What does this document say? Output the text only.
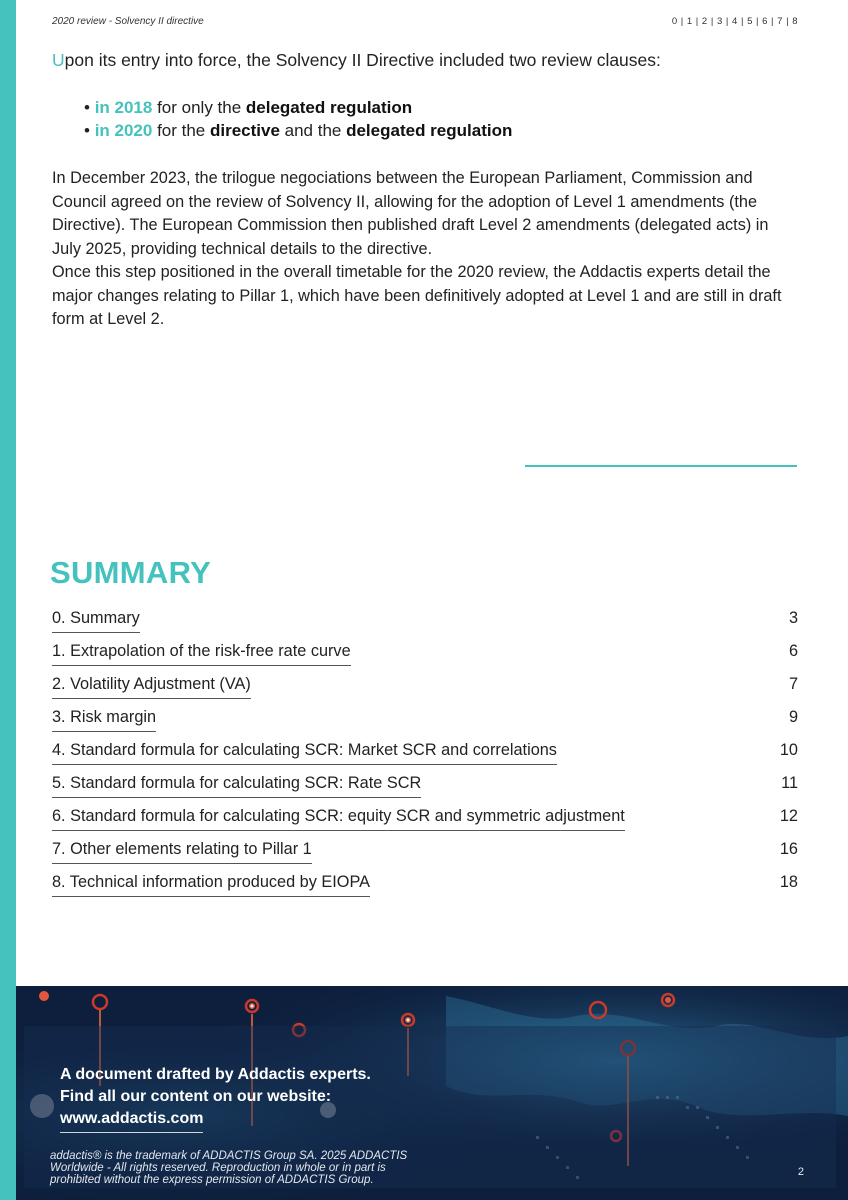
2020 review - Solvency II directive	0 | 1 | 2 | 3 | 4 | 5 | 6 | 7 | 8
Upon its entry into force, the Solvency II Directive included two review clauses:
• in 2018 for only the delegated regulation
• in 2020 for the directive and the delegated regulation

In December 2023, the trilogue negociations between the European Parliament, Commission and Council agreed on the review of Solvency II, allowing for the adoption of Level 1 amendments (the Directive). The European Commission then published draft Level 2 amendments (delegated acts) in July 2025, providing technical details to the directive.

Once this step positioned in the overall timetable for the 2020 review, the Addactis experts detail the major changes relating to Pillar 1, which have been definitively adopted at Level 1 and are still in draft form at Level 2.

SUMMARY
0. Summary	3
1. Extrapolation of the risk-free rate curve	6
2. Volatility Adjustment (VA)	7
3. Risk margin	9
4. Standard formula for calculating SCR: Market SCR and correlations	10
5. Standard formula for calculating SCR: Rate SCR	11
6. Standard formula for calculating SCR: equity SCR and symmetric adjustment	12
7. Other elements relating to Pillar 1	16
8. Technical information produced by EIOPA	18
A document drafted by Addactis experts.
Find all our content on our website:
www.addactis.com
addactis® is the trademark of ADDACTIS Group SA. 2025 ADDACTIS
Worldwide - All rights reserved. Reproduction in whole or in part is
prohibited without the express permission of ADDACTIS Group.
2
